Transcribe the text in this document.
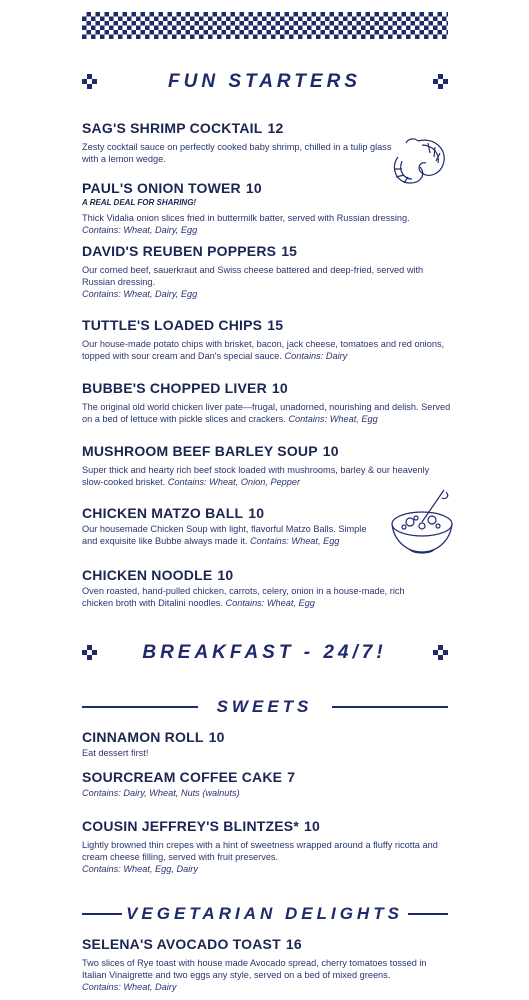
FUN STARTERS
SAG'S SHRIMP COCKTAIL 12
Zesty cocktail sauce on perfectly cooked baby shrimp, chilled in a tulip glass with a lemon wedge.
PAUL'S ONION TOWER 10
A REAL DEAL FOR SHARING!
Thick Vidalia onion slices fried in buttermilk batter, served with Russian dressing.
Contains: Wheat, Dairy, Egg
DAVID'S REUBEN POPPERS 15
Our corned beef, sauerkraut and Swiss cheese battered and deep-fried, served with Russian dressing.
Contains: Wheat, Dairy, Egg
TUTTLE'S LOADED CHIPS 15
Our house-made potato chips with brisket, bacon, jack cheese, tomatoes and red onions, topped with sour cream and Dan's special sauce. Contains: Dairy
BUBBE'S CHOPPED LIVER 10
The original old world chicken liver pate—frugal, unadorned, nourishing and delish. Served on a bed of lettuce with pickle slices and crackers. Contains: Wheat, Egg
MUSHROOM BEEF BARLEY SOUP 10
Super thick and hearty rich beef stock loaded with mushrooms, barley & our heavenly slow-cooked brisket. Contains: Wheat, Onion, Pepper
CHICKEN MATZO BALL 10
Our housemade Chicken Soup with light, flavorful Matzo Balls. Simple and exquisite like Bubbe always made it. Contains: Wheat, Egg
CHICKEN NOODLE 10
Oven roasted, hand-pulled chicken, carrots, celery, onion in a house-made, rich chicken broth with Ditalini noodles. Contains: Wheat, Egg
BREAKFAST - 24/7!
SWEETS
CINNAMON ROLL 10
Eat dessert first!
SOURCREAM COFFEE CAKE 7
Contains: Dairy, Wheat, Nuts (walnuts)
COUSIN JEFFREY'S BLINTZES* 10
Lightly browned thin crepes with a hint of sweetness wrapped around a fluffy ricotta and cream cheese filling, served with fruit preserves.
Contains: Wheat, Egg, Dairy
VEGETARIAN DELIGHTS
SELENA'S AVOCADO TOAST 16
Two slices of Rye toast with house made Avocado spread, cherry tomatoes tossed in Italian Vinaigrette and two eggs any style, served on a bed of mixed greens.
Contains: Wheat, Dairy
